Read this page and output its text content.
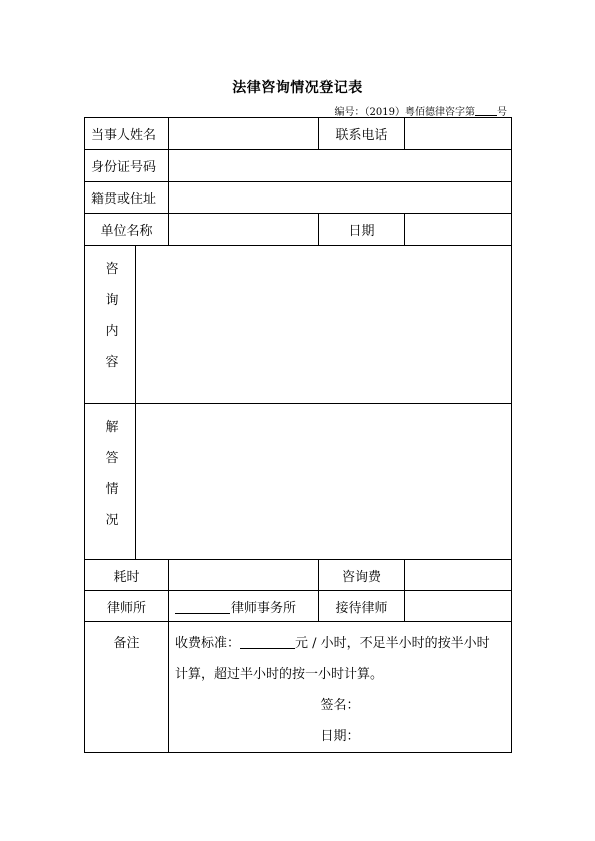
法律咨询情况登记表
编号：（2019）粤佰德律咨字第 号
当事人姓名		联系电话	
身份证号码			
籍贯或住址			
单位名称		日期	

咨
询
内
容			

解
答
情
况			

耗时		咨询费	
律师所	律师事务所	接待律师	
备注	收费标准： 元 / 小时，不足半小时的按半小时
计算，超过半小时的按一小时计算。
签名：
日期：		
